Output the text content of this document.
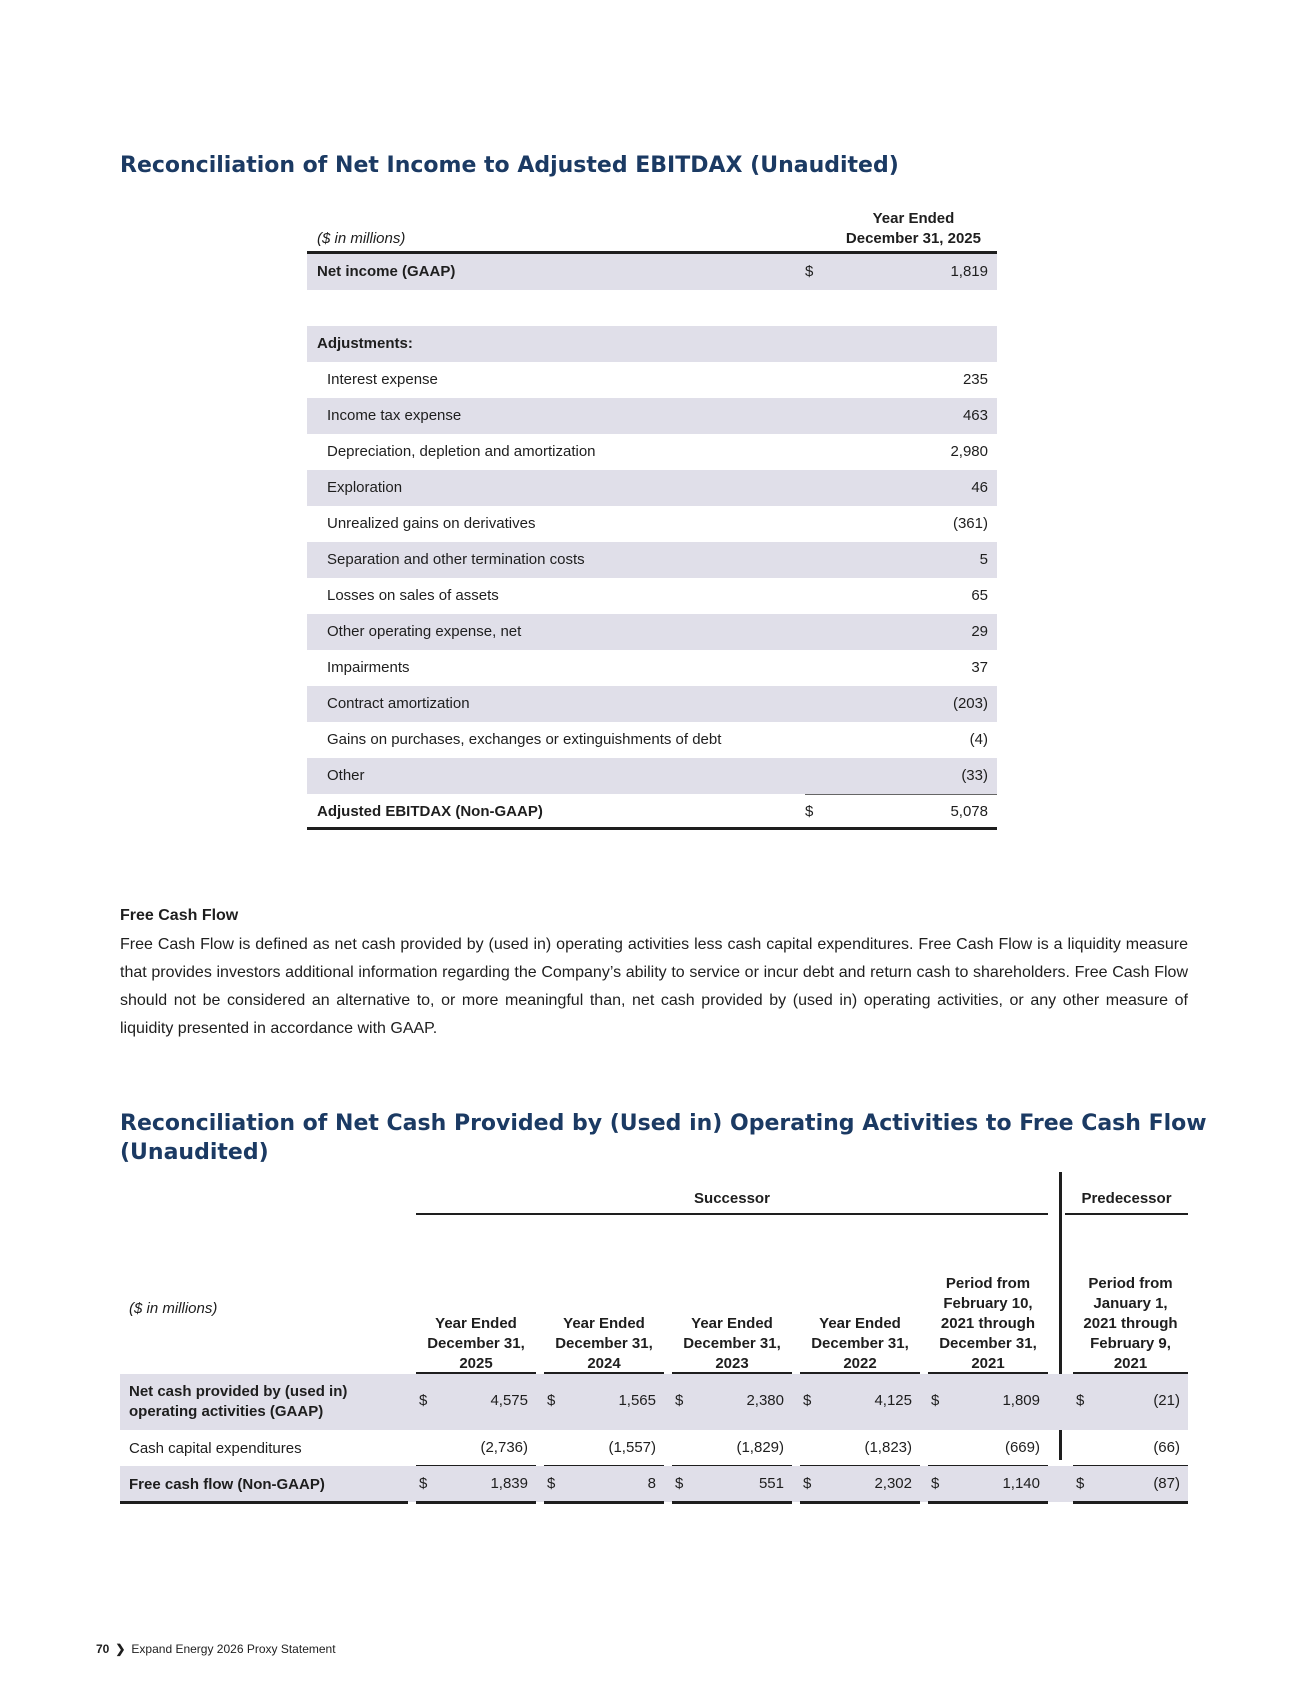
Reconciliation of Net Income to Adjusted EBITDAX (Unaudited)
($ in millions)
Year Ended
December 31, 2025
Net income (GAAP)	$	1,819
Adjustments:
Interest expense	235
Income tax expense	463
Depreciation, depletion and amortization	2,980
Exploration	46
Unrealized gains on derivatives	(361)
Separation and other termination costs	5
Losses on sales of assets	65
Other operating expense, net	29
Impairments	37
Contract amortization	(203)
Gains on purchases, exchanges or extinguishments of debt	(4)
Other	(33)
Adjusted EBITDAX (Non-GAAP)	$	5,078
Free Cash Flow
Free Cash Flow is defined as net cash provided by (used in) operating activities less cash capital expenditures. Free Cash Flow is a liquidity measure that provides investors additional information regarding the Company’s ability to service or incur debt and return cash to shareholders. Free Cash Flow should not be considered an alternative to, or more meaningful than, net cash provided by (used in) operating activities, or any other measure of liquidity presented in accordance with GAAP.
Reconciliation of Net Cash Provided by (Used in) Operating Activities to Free Cash Flow
(Unaudited)
Successor	Predecessor
($ in millions)
Year Ended
December 31,
2025
Year Ended
December 31,
2024
Year Ended
December 31,
2023
Year Ended
December 31,
2022
Period from
February 10,
2021 through
December 31,
2021
Period from
January 1,
2021 through
February 9,
2021
Net cash provided by (used in)
operating activities (GAAP)
$	4,575 $	1,565 $	2,380 $	4,125 $	1,809 $	(21)
Cash capital expenditures	(2,736)	(1,557)	(1,829)	(1,823)	(669)	(66)
Free cash flow (Non-GAAP)	$	1,839 $	8 $	551 $	2,302 $	1,140 $	(87)
70 ❯ Expand Energy 2026 Proxy Statement
